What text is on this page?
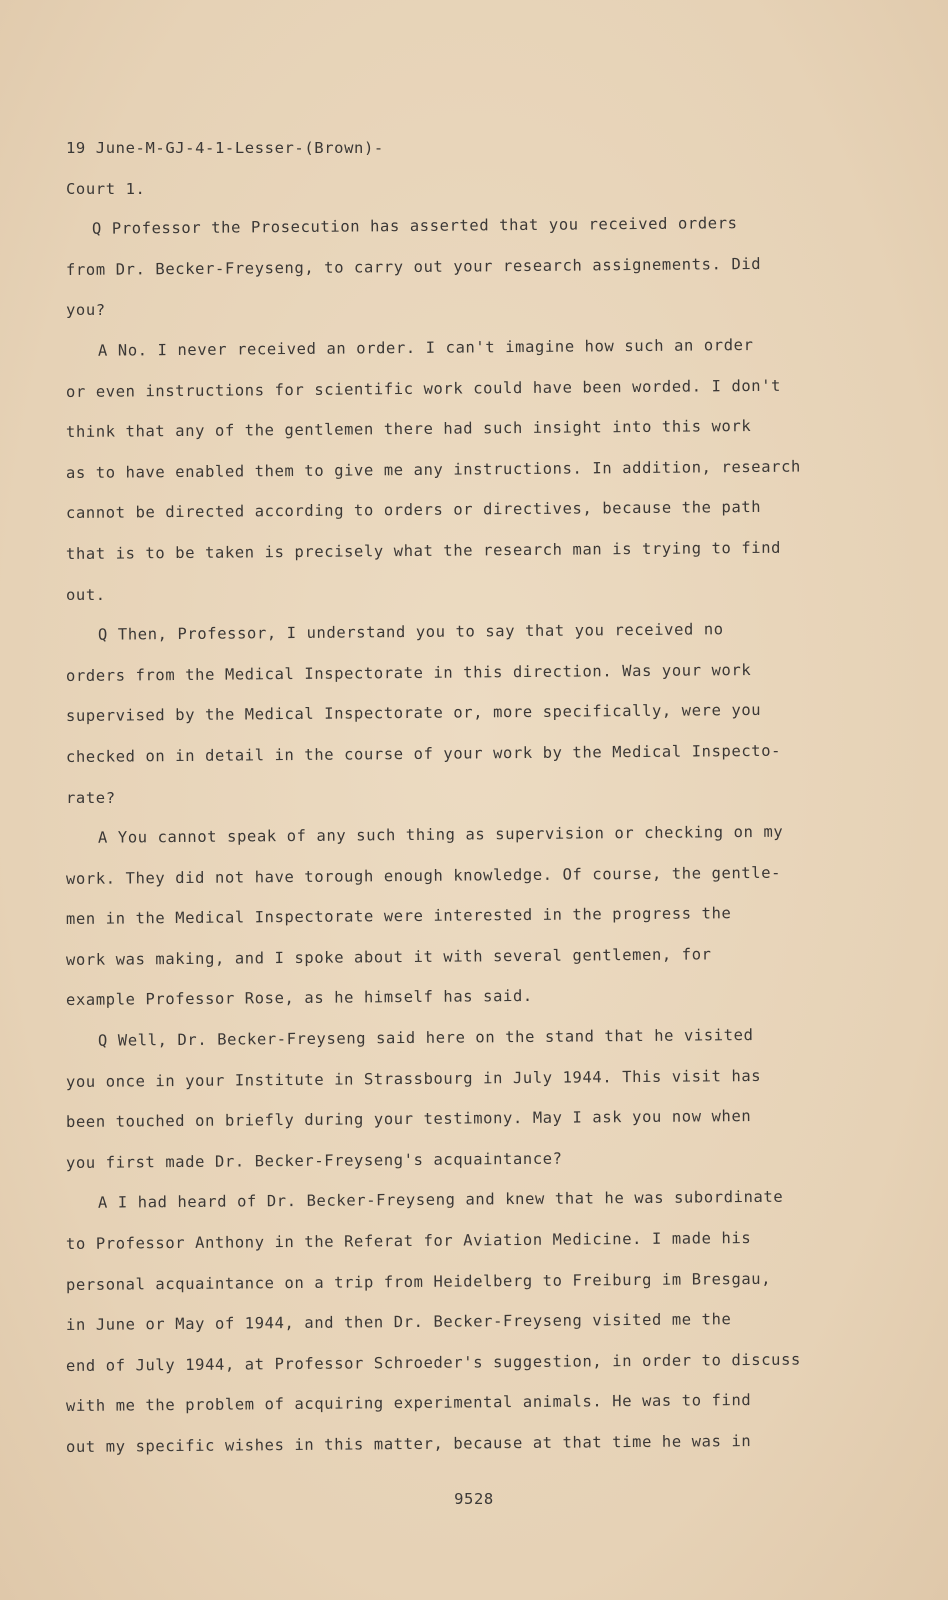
19 June-M-GJ-4-1-Lesser-(Brown)-
Court 1.
Q Professor the Prosecution has asserted that you received orders
from Dr. Becker-Freyseng, to carry out your research assignements. Did
you?
A No. I never received an order. I can't imagine how such an order
or even instructions for scientific work could have been worded. I don't
think that any of the gentlemen there had such insight into this work
as to have enabled them to give me any instructions. In addition, research
cannot be directed according to orders or directives, because the path
that is to be taken is precisely what the research man is trying to find
out.
Q Then, Professor, I understand you to say that you received no
orders from the Medical Inspectorate in this direction. Was your work
supervised by the Medical Inspectorate or, more specifically, were you
checked on in detail in the course of your work by the Medical Inspecto-
rate?
A You cannot speak of any such thing as supervision or checking on my
work. They did not have torough enough knowledge. Of course, the gentle-
men in the Medical Inspectorate were interested in the progress the
work was making, and I spoke about it with several gentlemen, for
example Professor Rose, as he himself has said.
Q Well, Dr. Becker-Freyseng said here on the stand that he visited
you once in your Institute in Strassbourg in July 1944. This visit has
been touched on briefly during your testimony. May I ask you now when
you first made Dr. Becker-Freyseng's acquaintance?
A I had heard of Dr. Becker-Freyseng and knew that he was subordinate
to Professor Anthony in the Referat for Aviation Medicine. I made his
personal acquaintance on a trip from Heidelberg to Freiburg im Bresgau,
in June or May of 1944, and then Dr. Becker-Freyseng visited me the
end of July 1944, at Professor Schroeder's suggestion, in order to discuss
with me the problem of acquiring experimental animals. He was to find
out my specific wishes in this matter, because at that time he was in
9528
